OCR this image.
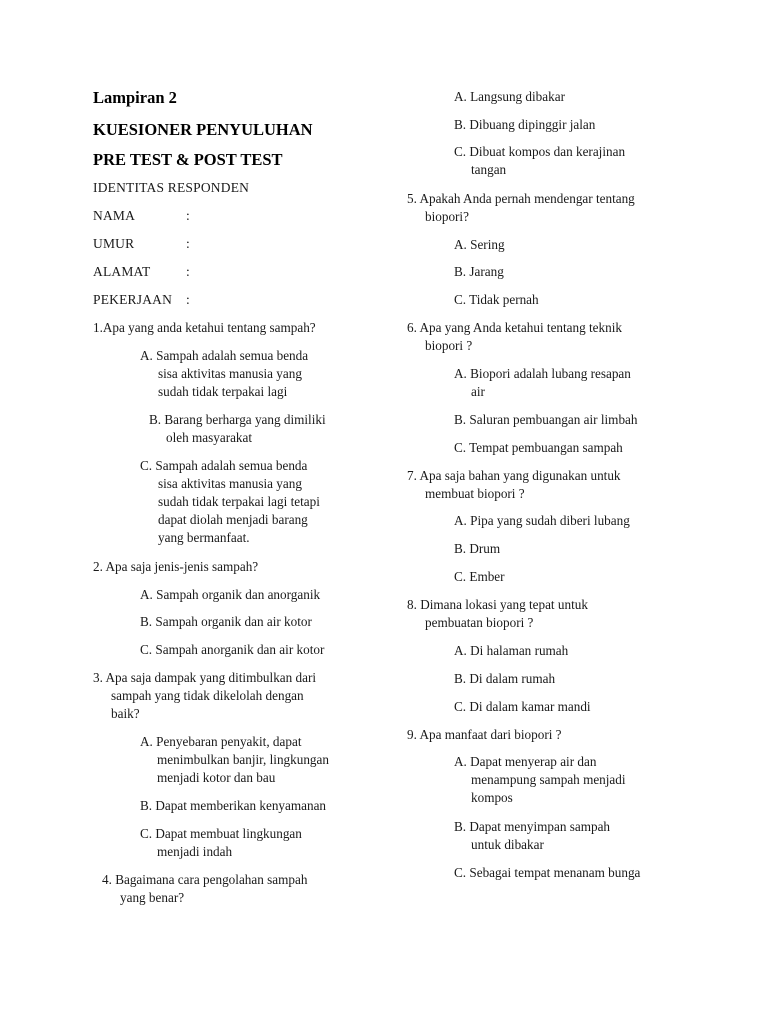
Lampiran 2
KUESIONER PENYULUHAN
PRE TEST & POST TEST
IDENTITAS RESPONDEN
NAMA	:
UMUR	:
ALAMAT	:
PEKERJAAN :
1.Apa yang anda ketahui tentang sampah?
A. Sampah adalah semua benda
sisa aktivitas manusia yang
sudah tidak terpakai lagi
B. Barang berharga yang dimiliki
oleh masyarakat
C. Sampah adalah semua benda
sisa aktivitas manusia yang
sudah tidak terpakai lagi tetapi
dapat diolah menjadi barang
yang bermanfaat.
2. Apa saja jenis-jenis sampah?
A. Sampah organik dan anorganik
B. Sampah organik dan air kotor
C. Sampah anorganik dan air kotor
3. Apa saja dampak yang ditimbulkan dari
sampah yang tidak dikelolah dengan
baik?
A. Penyebaran penyakit, dapat
menimbulkan banjir, lingkungan
menjadi kotor dan bau
B. Dapat memberikan kenyamanan
C. Dapat membuat lingkungan
menjadi indah
4. Bagaimana cara pengolahan sampah
yang benar?
A. Langsung dibakar
B. Dibuang dipinggir jalan
C. Dibuat kompos dan kerajinan
tangan
5. Apakah Anda pernah mendengar tentang
biopori?
A. Sering
B. Jarang
C. Tidak pernah
6. Apa yang Anda ketahui tentang teknik
biopori ?
A. Biopori adalah lubang resapan
air
B. Saluran pembuangan air limbah
C. Tempat pembuangan sampah
7. Apa saja bahan yang digunakan untuk
membuat biopori ?
A. Pipa yang sudah diberi lubang
B. Drum
C. Ember
8. Dimana lokasi yang tepat untuk
pembuatan biopori ?
A. Di halaman rumah
B. Di dalam rumah
C. Di dalam kamar mandi
9. Apa manfaat dari biopori ?
A. Dapat menyerap air dan
menampung sampah menjadi
kompos
B. Dapat menyimpan sampah
untuk dibakar
C. Sebagai tempat menanam bunga
